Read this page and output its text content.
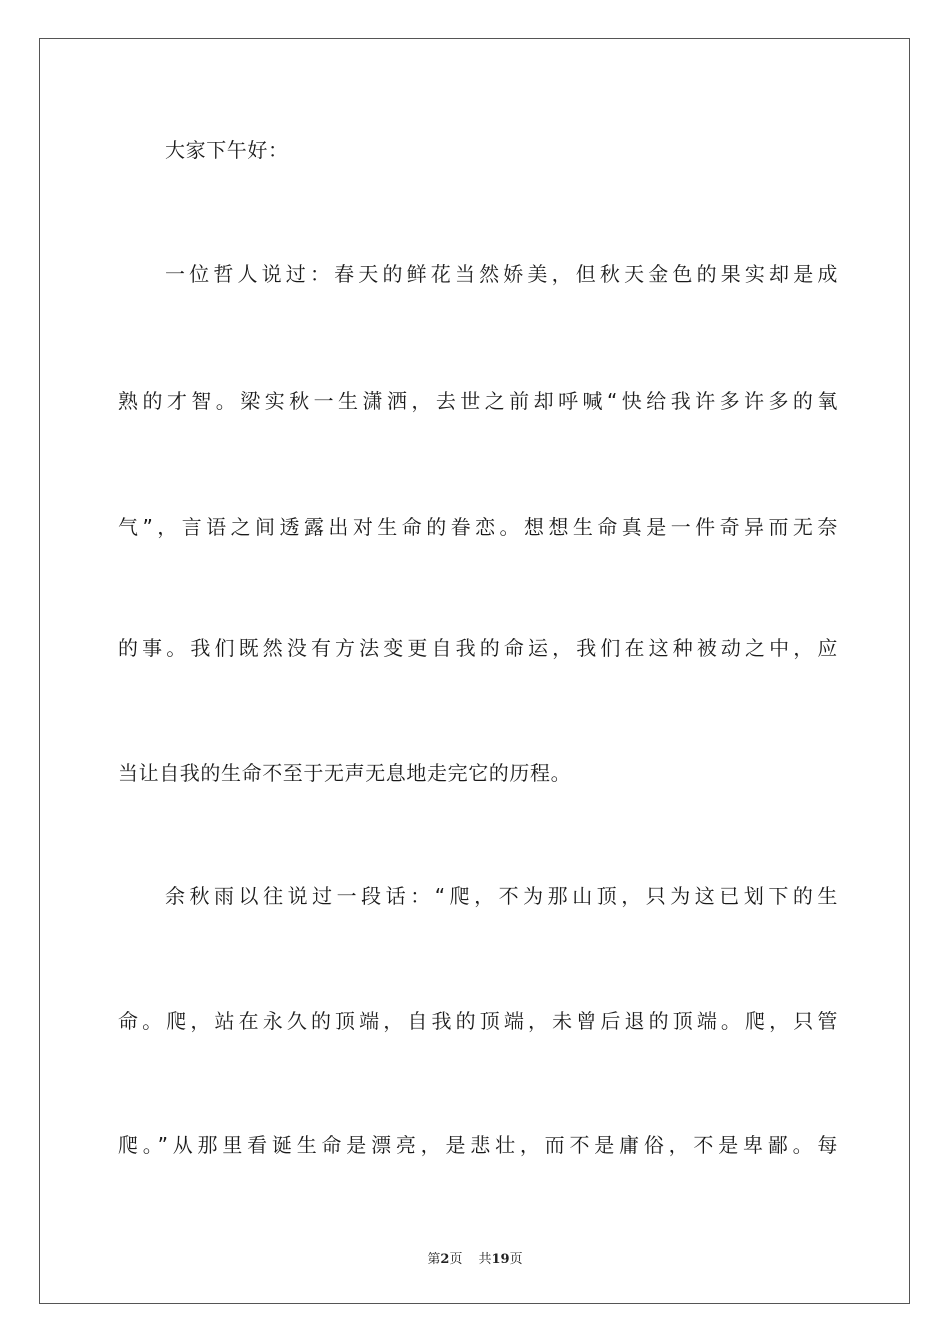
大家下午好：
一位哲人说过：春天的鲜花当然娇美，但秋天金色的果实却是成
熟的才智。梁实秋一生潇洒，去世之前却呼喊“快给我许多许多的氧
气”，言语之间透露出对生命的眷恋。想想生命真是一件奇异而无奈
的事。我们既然没有方法变更自我的命运，我们在这种被动之中，应
当让自我的生命不至于无声无息地走完它的历程。
余秋雨以往说过一段话：“爬，不为那山顶，只为这已划下的生
命。爬，站在永久的顶端，自我的顶端，未曾后退的顶端。爬，只管
爬。”从那里看诞生命是漂亮，是悲壮，而不是庸俗，不是卑鄙。每
第2页 共19页
